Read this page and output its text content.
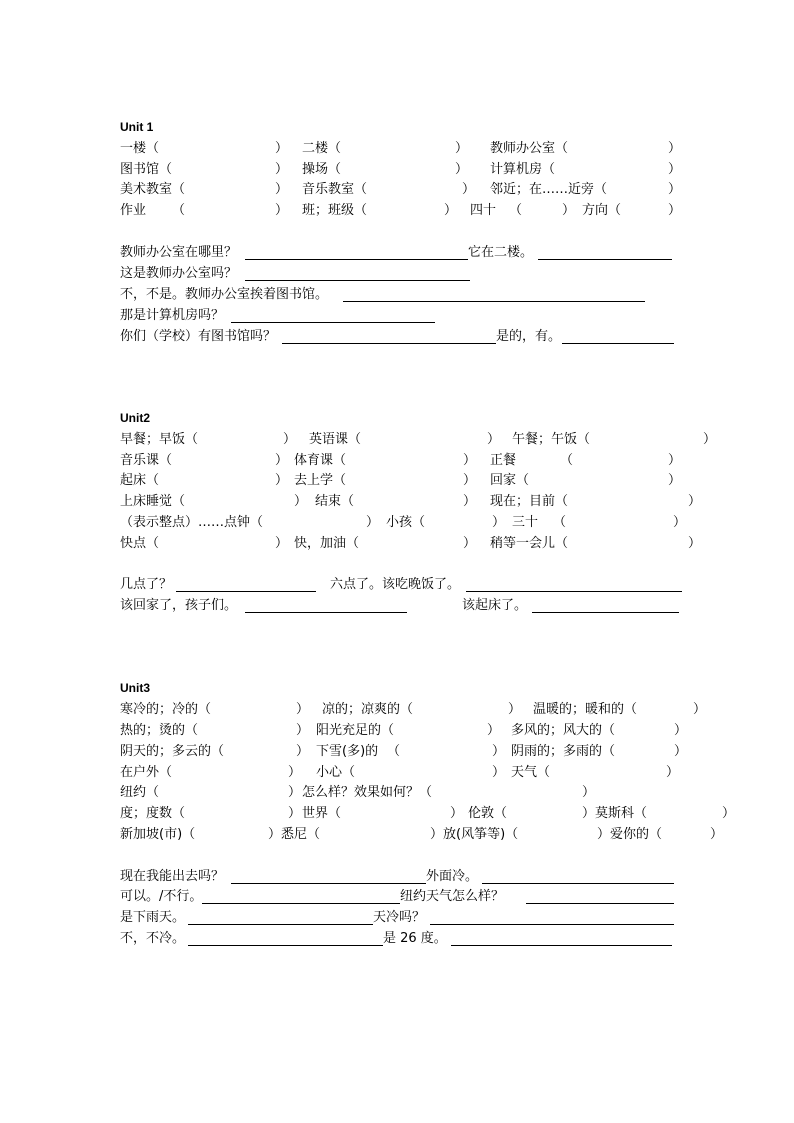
Unit 1
一楼（	） 二楼（	） 教师办公室（	）
图书馆（	） 操场（	） 计算机房（	）
美术教室（	） 音乐教室（	） 邻近；在……近旁（	）
作业 （	） 班；班级（	） 四十 （	） 方向（	）
教师办公室在哪里？	它在二楼。
这是教师办公室吗？
不，不是。教师办公室挨着图书馆。
那是计算机房吗？
你们（学校）有图书馆吗？	是的，有。
Unit2
早餐；早饭（	） 英语课（	） 午餐；午饭（	）
音乐课（	） 体育课（	） 正餐	（	）
起床（	） 去上学（	） 回家（	）
上床睡觉（	） 结束（	） 现在；目前（	）
（表示整点）……点钟（	） 小孩（	） 三十 （	）
快点（	） 快，加油（	） 稍等一会儿（	）
几点了？	六点了。该吃晚饭了。
该回家了，孩子们。	该起床了。
Unit3
寒冷的；冷的（	） 凉的；凉爽的（	） 温暖的；暖和的（	）
热的；烫的（	） 阳光充足的（	） 多风的；风大的（	）
阴天的；多云的（	） 下雪(多)的 （	） 阴雨的；多雨的（	）
在户外（	） 小心（	） 天气（	）
纽约（	） 怎么样？效果如何？（	）
度；度数（	） 世界（	） 伦敦（	）莫斯科（	）
新加坡(市)（	）悉尼（	）放(风筝等)（	）爱你的（	）
现在我能出去吗？	外面冷。
可以。/不行。	纽约天气怎么样？
是下雨天。	天冷吗？
不，不冷。	是 26 度。
